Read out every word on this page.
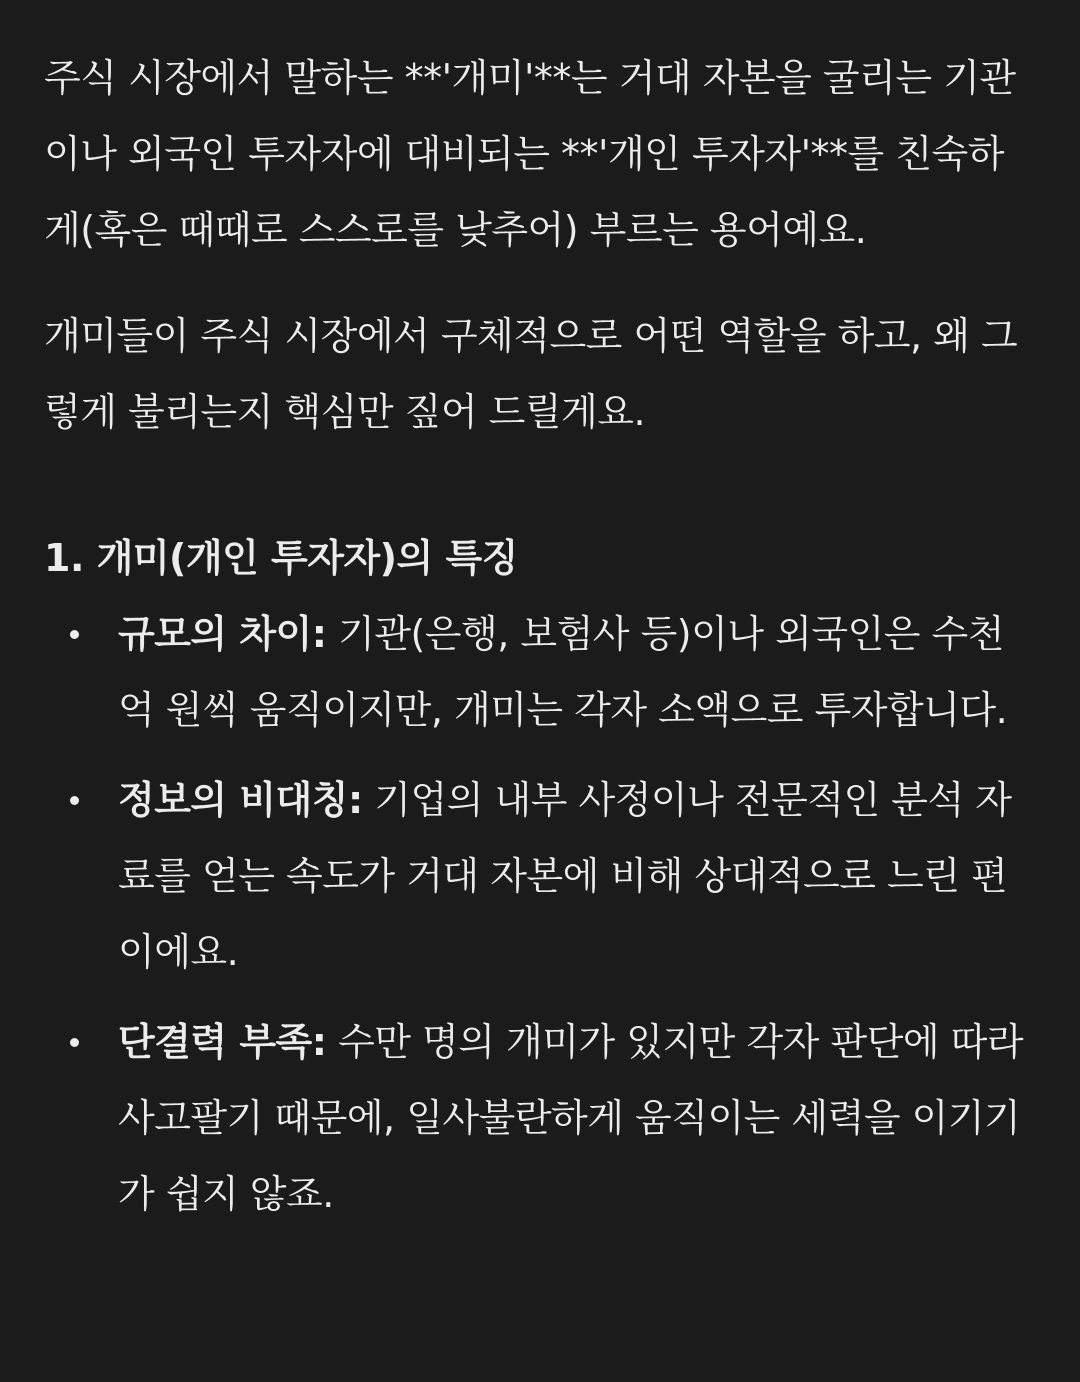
주식 시장에서 말하는 **'개미'**는 거대 자본을 굴리는 기관이나 외국인 투자자에 대비되는 **'개인 투자자'**를 친숙하게(혹은 때때로 스스로를 낮추어) 부르는 용어예요.

개미들이 주식 시장에서 구체적으로 어떤 역할을 하고, 왜 그렇게 불리는지 핵심만 짚어 드릴게요.

1. 개미(개인 투자자)의 특징
규모의 차이: 기관(은행, 보험사 등)이나 외국인은 수천억 원씩 움직이지만, 개미는 각자 소액으로 투자합니다.
정보의 비대칭: 기업의 내부 사정이나 전문적인 분석 자료를 얻는 속도가 거대 자본에 비해 상대적으로 느린 편이에요.
단결력 부족: 수만 명의 개미가 있지만 각자 판단에 따라 사고팔기 때문에, 일사불란하게 움직이는 세력을 이기기가 쉽지 않죠.
